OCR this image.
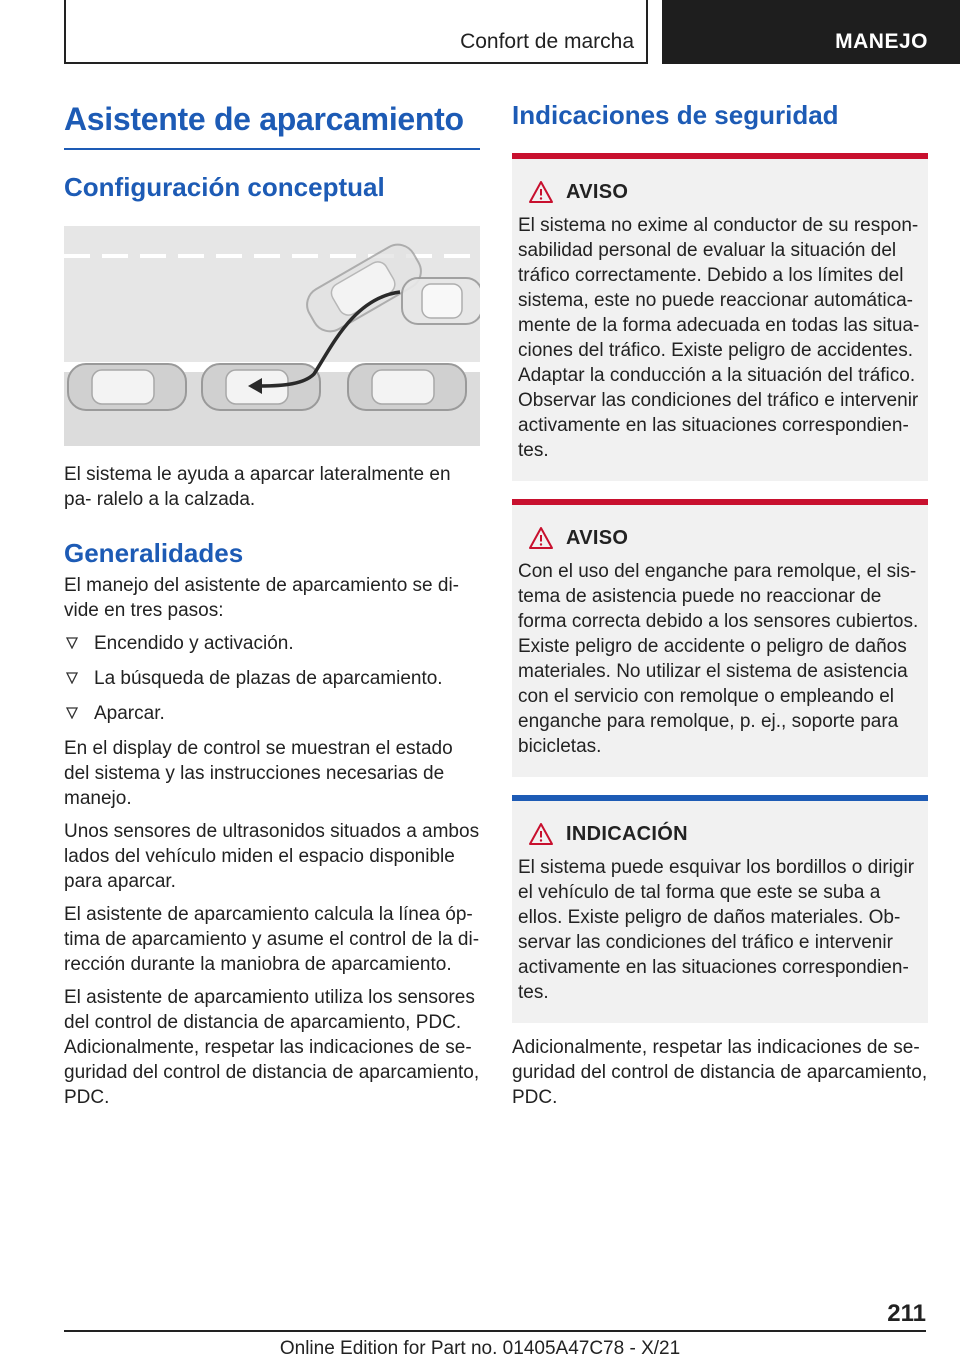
Confort de marcha	MANEJO
Asistente de aparcamiento
Configuración conceptual

El sistema le ayuda a aparcar lateralmente en pa‐ ralelo a la calzada.

Generalidades

El manejo del asistente de aparcamiento se di‐ vide en tres pasos:

Encendido y activación.
La búsqueda de plazas de aparcamiento.
Aparcar.

En el display de control se muestran el estado del sistema y las instrucciones necesarias de manejo.

Unos sensores de ultrasonidos situados a ambos lados del vehículo miden el espacio disponible para aparcar.

El asistente de aparcamiento calcula la línea óp‐ tima de aparcamiento y asume el control de la di‐ rección durante la maniobra de aparcamiento.

El asistente de aparcamiento utiliza los sensores del control de distancia de aparcamiento, PDC. Adicionalmente, respetar las indicaciones de se‐ guridad del control de distancia de aparcamiento, PDC.

Indicaciones de seguridad
AVISO

El sistema no exime al conductor de su respon‐ sabilidad personal de evaluar la situación del tráfico correctamente. Debido a los límites del sistema, este no puede reaccionar automática‐ mente de la forma adecuada en todas las situa‐ ciones del tráfico. Existe peligro de accidentes. Adaptar la conducción a la situación del tráfico. Observar las condiciones del tráfico e intervenir activamente en las situaciones correspondien‐ tes.

AVISO

Con el uso del enganche para remolque, el sis‐ tema de asistencia puede no reaccionar de forma correcta debido a los sensores cubiertos. Existe peligro de accidente o peligro de daños materiales. No utilizar el sistema de asistencia con el servicio con remolque o empleando el enganche para remolque, p. ej., soporte para bicicletas.

INDICACIÓN

El sistema puede esquivar los bordillos o dirigir el vehículo de tal forma que este se suba a ellos. Existe peligro de daños materiales. Ob‐ servar las condiciones del tráfico e intervenir activamente en las situaciones correspondien‐ tes.

Adicionalmente, respetar las indicaciones de se‐ guridad del control de distancia de aparcamiento, PDC.

211
Online Edition for Part no. 01405A47C78 - X/21
